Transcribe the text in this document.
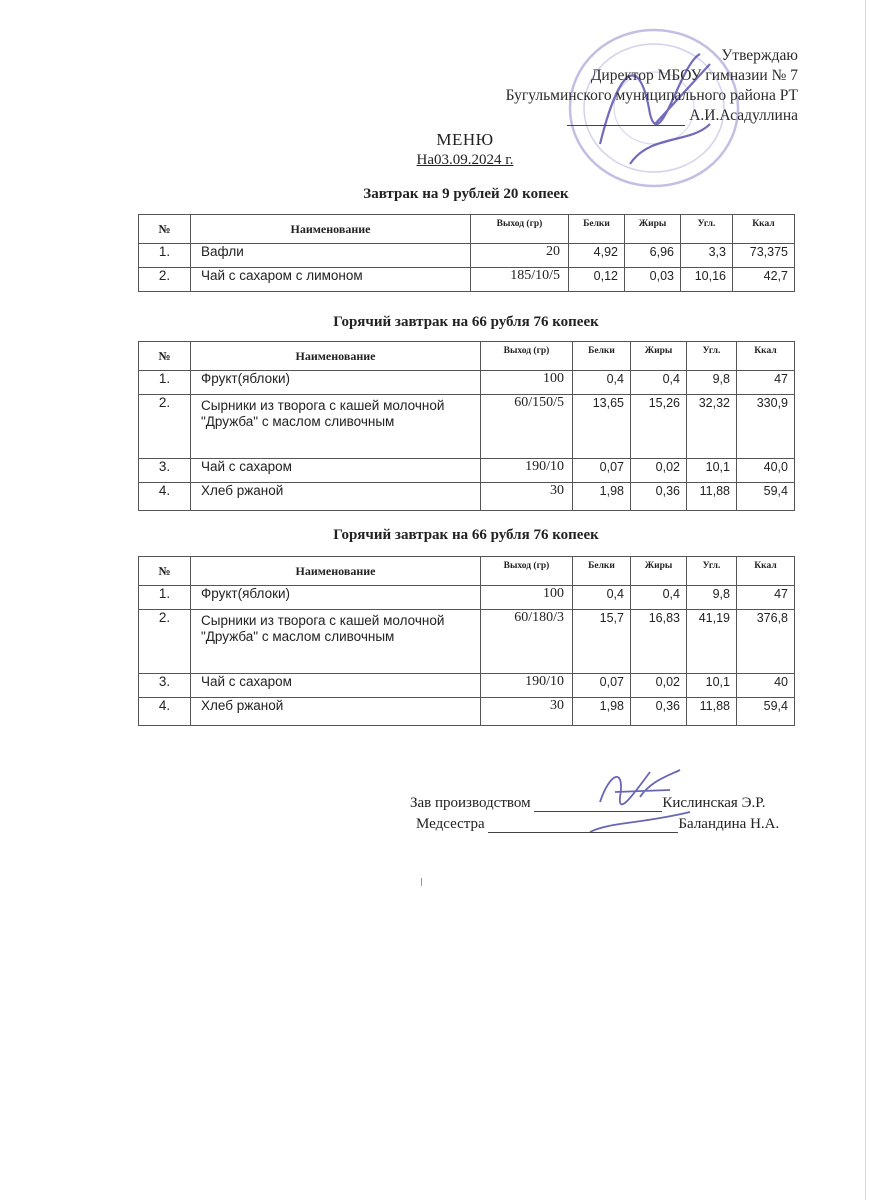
Утверждаю
Директор МБОУ гимназии № 7
Бугульминского муниципального района РТ
А.И.Асадуллина
МЕНЮ
На03.09.2024 г.
Завтрак на 9 рублей 20 копеек
№	Наименование	Выход (гр)	Белки	Жиры	Угл.	Ккал
1.	Вафли	20	4,92	6,96	3,3	73,375
2.	Чай с сахаром с лимоном	185/10/5	0,12	0,03	10,16	42,7
Горячий завтрак на 66 рубля 76 копеек
№	Наименование	Выход (гр)	Белки	Жиры	Угл.	Ккал
1.	Фрукт(яблоки)	100	0,4	0,4	9,8	47
2.	Сырники из творога с кашей молочной "Дружба" с маслом сливочным	60/150/5	13,65	15,26	32,32	330,9
3.	Чай с сахаром	190/10	0,07	0,02	10,1	40,0
4.	Хлеб ржаной	30	1,98	0,36	11,88	59,4
Горячий завтрак на 66 рубля 76 копеек
№	Наименование	Выход (гр)	Белки	Жиры	Угл.	Ккал
1.	Фрукт(яблоки)	100	0,4	0,4	9,8	47
2.	Сырники из творога с кашей молочной "Дружба" с маслом сливочным	60/180/3	15,7	16,83	41,19	376,8
3.	Чай с сахаром	190/10	0,07	0,02	10,1	40
4.	Хлеб ржаной	30	1,98	0,36	11,88	59,4
Зав производством	Кислинская Э.Р.
Медсестра	Баландина Н.А.
